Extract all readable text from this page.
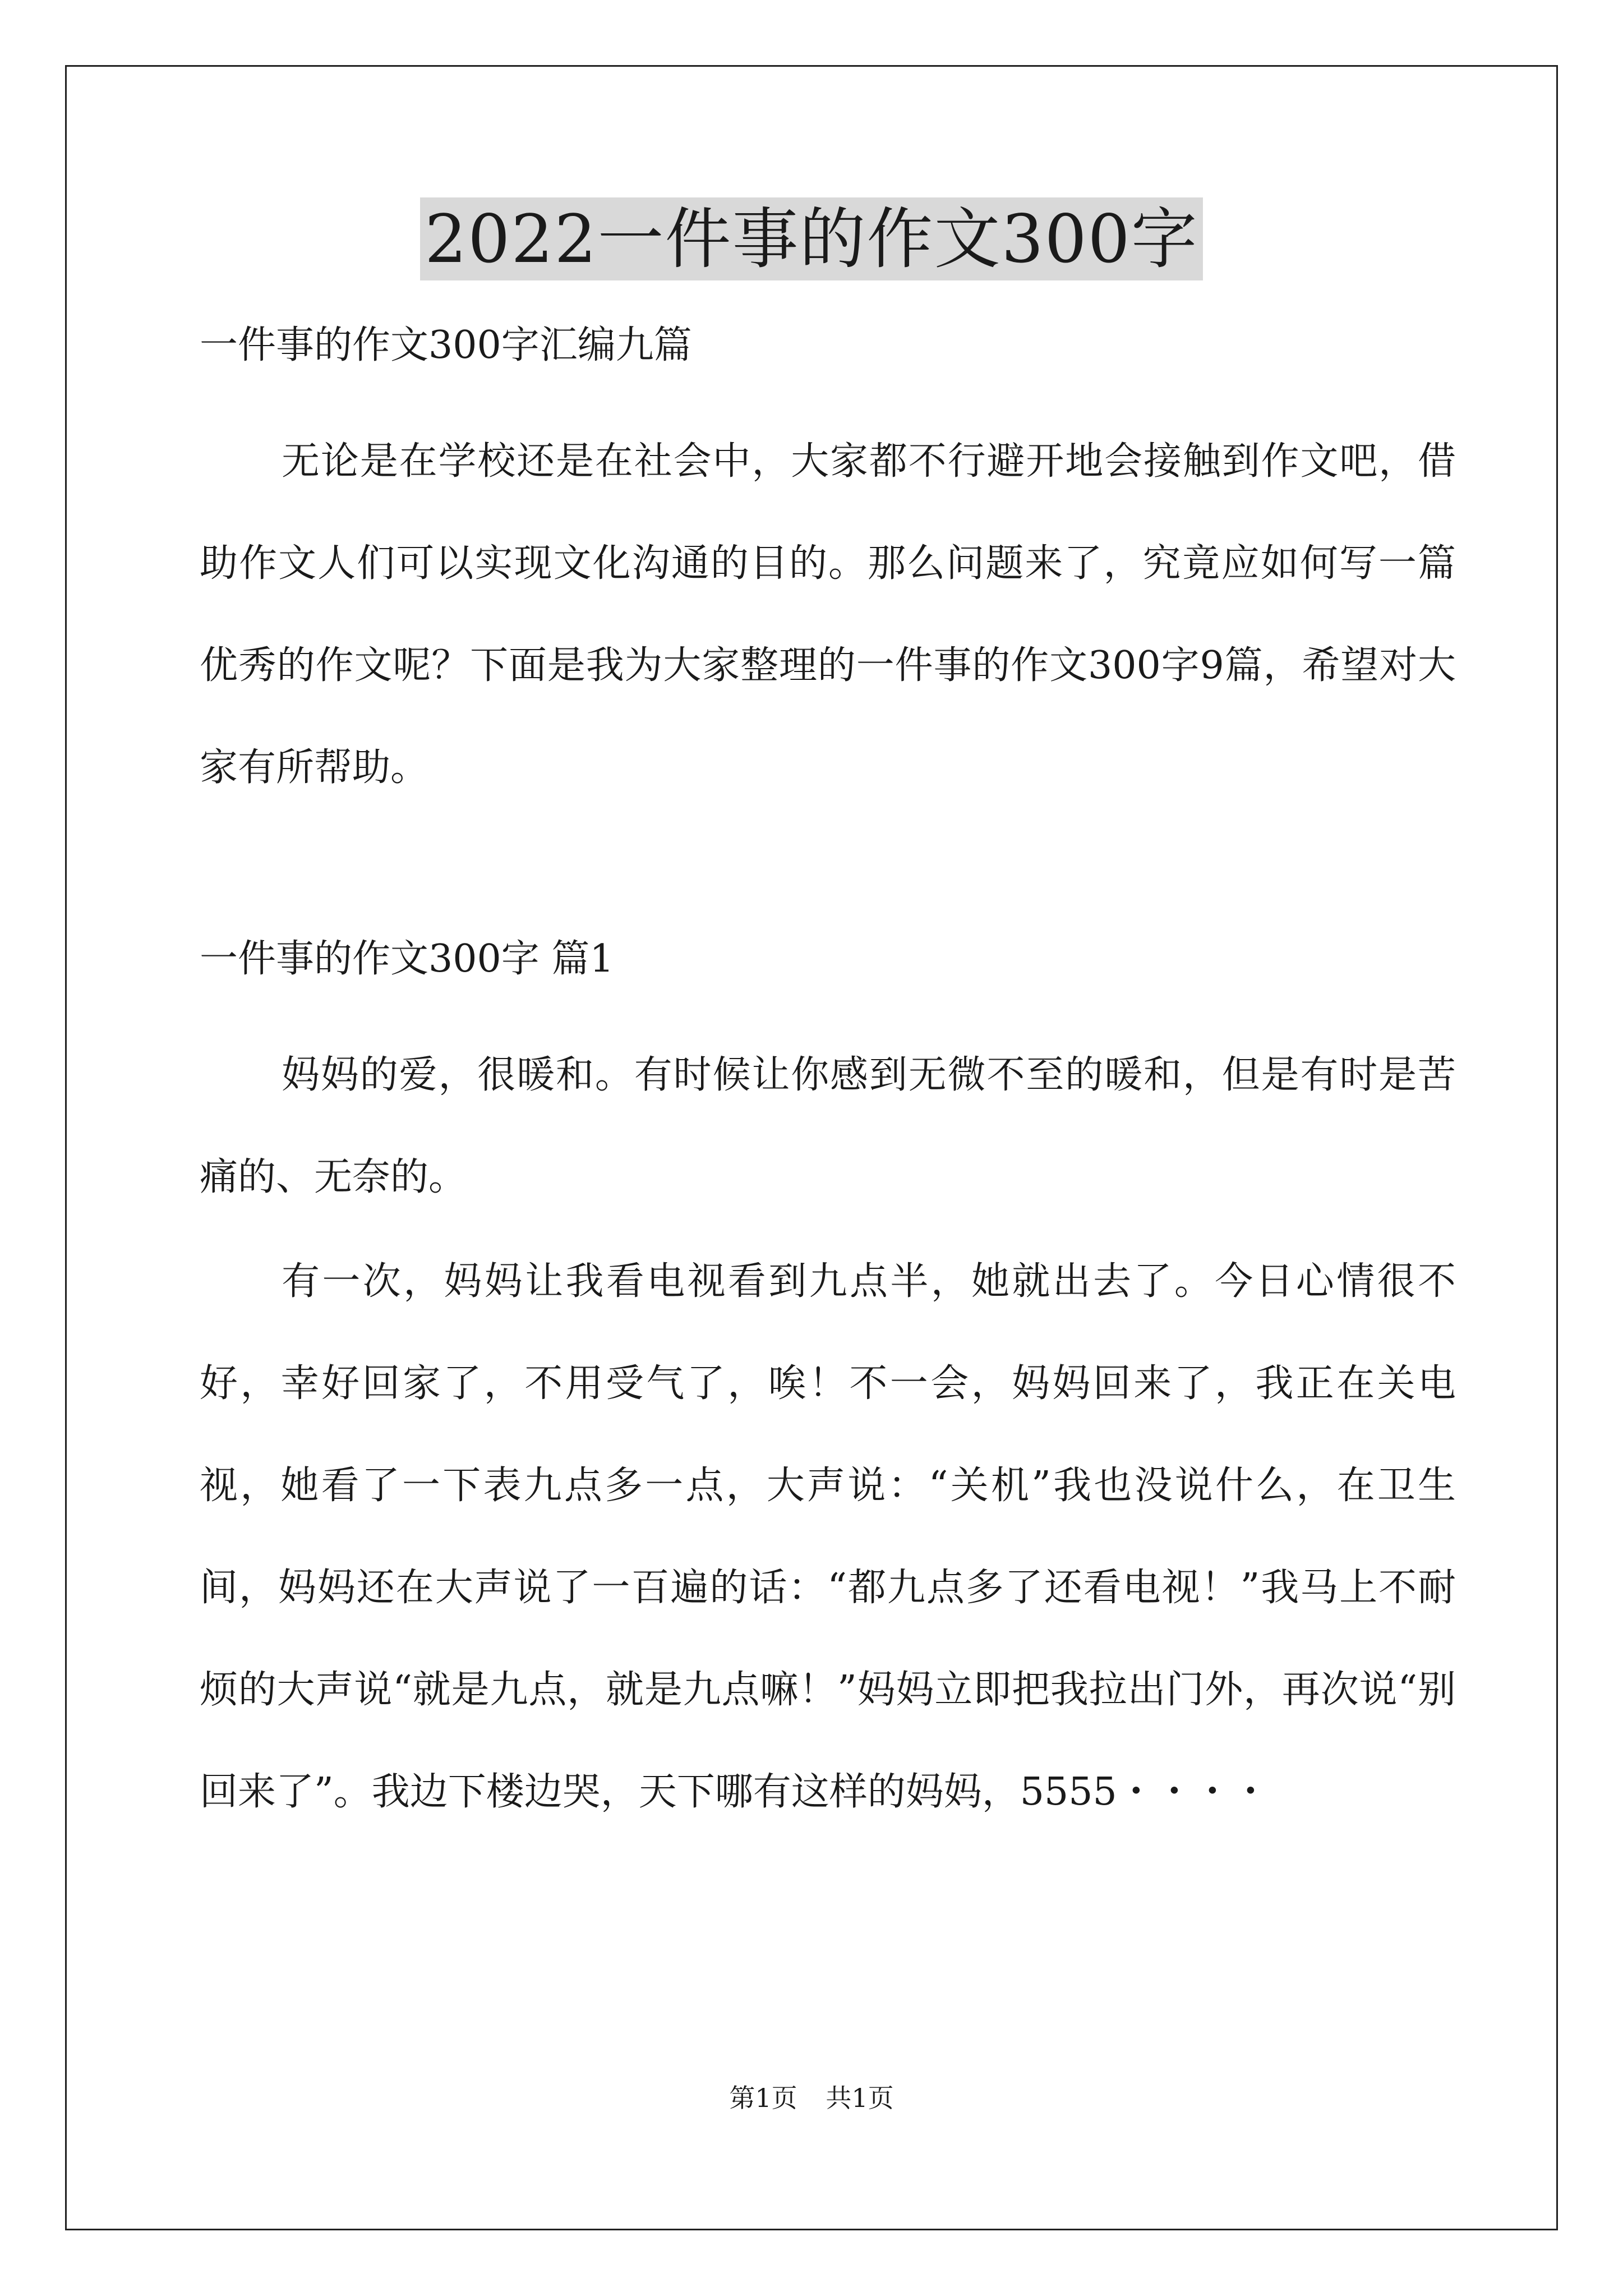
2022一件事的作文300字

一件事的作文300字汇编九篇

无论是在学校还是在社会中，大家都不行避开地会接触到作文吧，借助作文人们可以实现文化沟通的目的。那么问题来了，究竟应如何写一篇优秀的作文呢？下面是我为大家整理的一件事的作文300字9篇，希望对大家有所帮助。

一件事的作文300字 篇1

妈妈的爱，很暖和。有时候让你感到无微不至的暖和，但是有时是苦痛的、无奈的。

有一次，妈妈让我看电视看到九点半，她就出去了。今日心情很不好，幸好回家了，不用受气了，唉！不一会，妈妈回来了，我正在关电视，她看了一下表九点多一点，大声说：“关机”我也没说什么，在卫生间，妈妈还在大声说了一百遍的话：“都九点多了还看电视！”我马上不耐烦的大声说“就是九点，就是九点嘛！”妈妈立即把我拉出门外，再次说“别回来了”。我边下楼边哭，天下哪有这样的妈妈，5555・・・・

第1页 共1页
